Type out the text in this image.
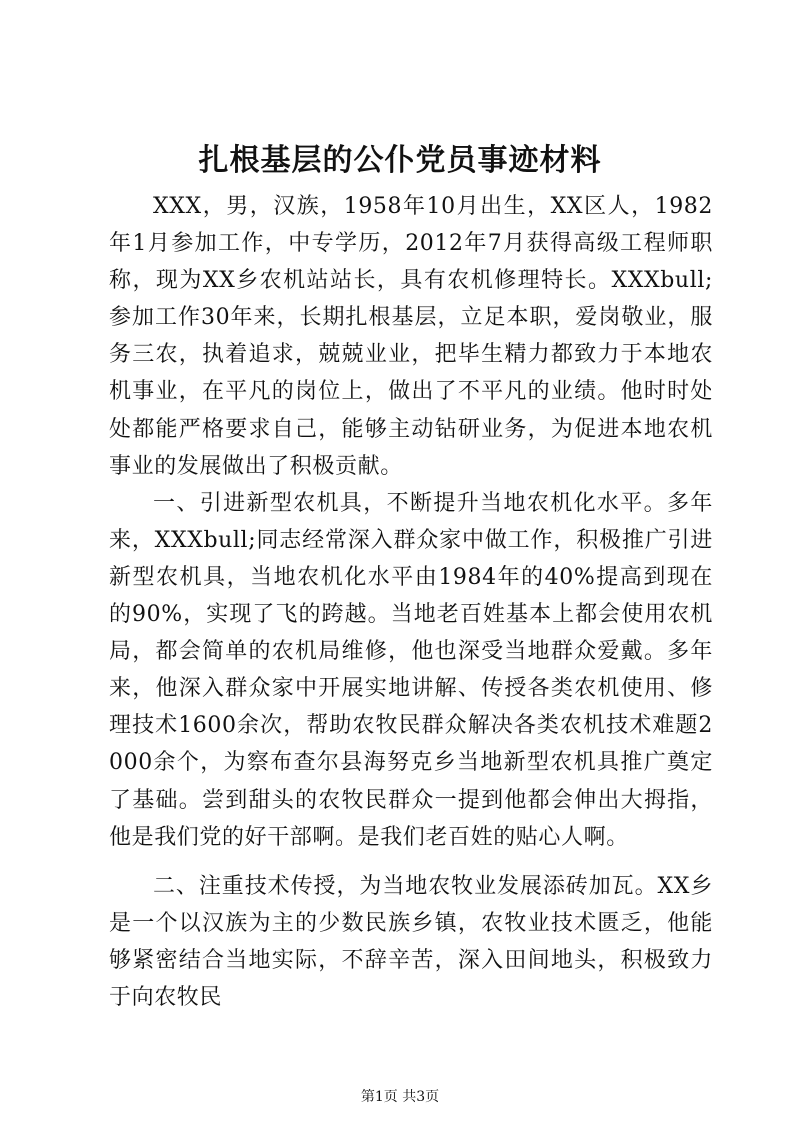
扎根基层的公仆党员事迹材料

XXX，男，汉族，1958年10月出生，XX区人，1982年1月参加工作，中专学历，2012年7月获得高级工程师职称，现为XX乡农机站站长，具有农机修理特长。XXXbull;参加工作30年来，长期扎根基层，立足本职，爱岗敬业，服务三农，执着追求，兢兢业业，把毕生精力都致力于本地农机事业，在平凡的岗位上，做出了不平凡的业绩。他时时处处都能严格要求自己，能够主动钻研业务，为促进本地农机事业的发展做出了积极贡献。

一、引进新型农机具，不断提升当地农机化水平。多年来，XXXbull;同志经常深入群众家中做工作，积极推广引进新型农机具，当地农机化水平由1984年的40%提高到现在的90%，实现了飞的跨越。当地老百姓基本上都会使用农机局，都会简单的农机局维修，他也深受当地群众爱戴。多年来，他深入群众家中开展实地讲解、传授各类农机使用、修理技术1600余次，帮助农牧民群众解决各类农机技术难题2000余个，为察布查尔县海努克乡当地新型农机具推广奠定了基础。尝到甜头的农牧民群众一提到他都会伸出大拇指，他是我们党的好干部啊。是我们老百姓的贴心人啊。

二、注重技术传授，为当地农牧业发展添砖加瓦。XX乡是一个以汉族为主的少数民族乡镇，农牧业技术匮乏，他能够紧密结合当地实际，不辞辛苦，深入田间地头，积极致力于向农牧民

第1页 共3页
